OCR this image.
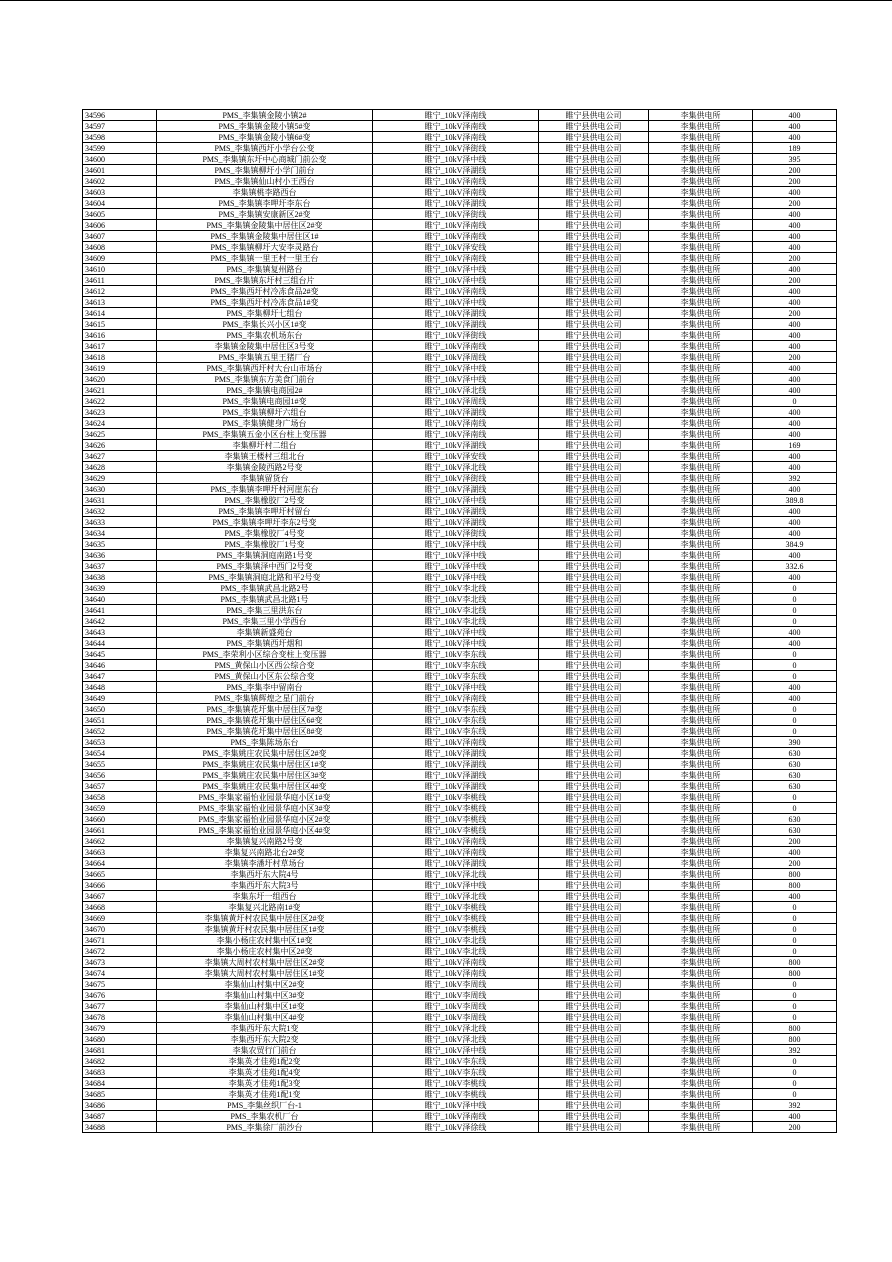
34596	PMS_李集镇金陵小镇2#	睢宁_10kV泽南线	睢宁县供电公司	李集供电所	400
34597	PMS_李集镇金陵小镇5#变	睢宁_10kV泽南线	睢宁县供电公司	李集供电所	400
34598	PMS_李集镇金陵小镇6#变	睢宁_10kV泽南线	睢宁县供电公司	李集供电所	400
34599	PMS_李集镇西圩小学台公变	睢宁_10kV泽街线	睢宁县供电公司	李集供电所	189
34600	PMS_李集镇东圩中心商城门前公变	睢宁_10kV泽中线	睢宁县供电公司	李集供电所	395
34601	PMS_李集镇柳圩小学门前台	睢宁_10kV泽湖线	睢宁县供电公司	李集供电所	200
34602	PMS_李集镇仙山村小王西台	睢宁_10kV泽南线	睢宁县供电公司	李集供电所	200
34603	李集镇桃李路西台	睢宁_10kV泽南线	睢宁县供电公司	李集供电所	400
34604	PMS_李集镇李呷圩李东台	睢宁_10kV泽湖线	睢宁县供电公司	李集供电所	200
34605	PMS_李集镇安康新区2#变	睢宁_10kV泽街线	睢宁县供电公司	李集供电所	400
34606	PMS_李集镇金陵集中居住区2#变	睢宁_10kV泽南线	睢宁县供电公司	李集供电所	400
34607	PMS_李集镇金陵集中居住区1#	睢宁_10kV泽南线	睢宁县供电公司	李集供电所	400
34608	PMS_李集镇柳圩大安李灵路台	睢宁_10kV泽安线	睢宁县供电公司	李集供电所	400
34609	PMS_李集镇一里王村一里王台	睢宁_10kV泽南线	睢宁县供电公司	李集供电所	200
34610	PMS_李集镇复州路台	睢宁_10kV泽中线	睢宁县供电公司	李集供电所	400
34611	PMS_李集镇东圩村三组台片	睢宁_10kV泽中线	睢宁县供电公司	李集供电所	200
34612	PMS_李集西圩村冷冻食品2#变	睢宁_10kV泽南线	睢宁县供电公司	李集供电所	400
34613	PMS_李集西圩村冷冻食品1#变	睢宁_10kV泽中线	睢宁县供电公司	李集供电所	400
34614	PMS_李集柳圩七组台	睢宁_10kV泽湖线	睢宁县供电公司	李集供电所	200
34615	PMS_李集长兴小区1#变	睢宁_10kV泽湖线	睢宁县供电公司	李集供电所	400
34616	PMS_李集农机场东台	睢宁_10kV泽街线	睢宁县供电公司	李集供电所	400
34617	李集镇金陵集中居住区3号变	睢宁_10kV泽南线	睢宁县供电公司	李集供电所	400
34618	PMS_李集镇五里王猪厂台	睢宁_10kV泽周线	睢宁县供电公司	李集供电所	200
34619	PMS_李集镇西圩村大台山市场台	睢宁_10kV泽中线	睢宁县供电公司	李集供电所	400
34620	PMS_李集镇东方美食门前台	睢宁_10kV泽中线	睢宁县供电公司	李集供电所	400
34621	PMS_李集镇电商园2#	睢宁_10kV泽北线	睢宁县供电公司	李集供电所	400
34622	PMS_李集镇电商园1#变	睢宁_10kV泽周线	睢宁县供电公司	李集供电所	0
34623	PMS_李集镇柳圩六组台	睢宁_10kV泽湖线	睢宁县供电公司	李集供电所	400
34624	PMS_李集镇健身广场台	睢宁_10kV泽南线	睢宁县供电公司	李集供电所	400
34625	PMS_李集镇五金小区台柱上变压器	睢宁_10kV泽南线	睢宁县供电公司	李集供电所	400
34626	李集柳圩村二组台	睢宁_10kV泽湖线	睢宁县供电公司	李集供电所	169
34627	李集镇王楼村三组北台	睢宁_10kV泽安线	睢宁县供电公司	李集供电所	400
34628	李集镇金陵西路2号变	睢宁_10kV泽北线	睢宁县供电公司	李集供电所	400
34629	李集镇留货台	睢宁_10kV泽街线	睢宁县供电公司	李集供电所	392
34630	PMS_李集镇李呷圩村河崖东台	睢宁_10kV泽湖线	睢宁县供电公司	李集供电所	400
34631	PMS_李集橡胶厂2号变	睢宁_10kV泽中线	睢宁县供电公司	李集供电所	389.8
34632	PMS_李集镇李呷圩村留台	睢宁_10kV泽湖线	睢宁县供电公司	李集供电所	400
34633	PMS_李集镇李呷圩李东2号变	睢宁_10kV泽湖线	睢宁县供电公司	李集供电所	400
34634	PMS_李集橡胶厂4号变	睢宁_10kV泽街线	睢宁县供电公司	李集供电所	400
34635	PMS_李集橡胶厂1号变	睢宁_10kV泽中线	睢宁县供电公司	李集供电所	384.9
34636	PMS_李集镇洞庭南路1号变	睢宁_10kV泽中线	睢宁县供电公司	李集供电所	400
34637	PMS_李集镇泽中西门2号变	睢宁_10kV泽中线	睢宁县供电公司	李集供电所	332.6
34638	PMS_李集镇洞庭北路和平2号变	睢宁_10kV泽中线	睢宁县供电公司	李集供电所	400
34639	PMS_李集镇武昌北路2号	睢宁_10kV李北线	睢宁县供电公司	李集供电所	0
34640	PMS_李集镇武昌北路1号	睢宁_10kV李北线	睢宁县供电公司	李集供电所	0
34641	PMS_李集三里洪东台	睢宁_10kV李北线	睢宁县供电公司	李集供电所	0
34642	PMS_李集三里小学西台	睢宁_10kV李北线	睢宁县供电公司	李集供电所	0
34643	李集镇新盛苑台	睢宁_10kV泽中线	睢宁县供电公司	李集供电所	400
34644	PMS_李集镇西圩烟和	睢宁_10kV泽中线	睢宁县供电公司	李集供电所	400
34645	PMS_李荣利小区综合变柱上变压器	睢宁_10kV李东线	睢宁县供电公司	李集供电所	0
34646	PMS_黄保山小区西公综合变	睢宁_10kV李东线	睢宁县供电公司	李集供电所	0
34647	PMS_黄保山小区东公综合变	睢宁_10kV李东线	睢宁县供电公司	李集供电所	0
34648	PMS_李集李中留南台	睢宁_10kV泽中线	睢宁县供电公司	李集供电所	400
34649	PMS_李集镇辉煌之星门前台	睢宁_10kV泽南线	睢宁县供电公司	李集供电所	400
34650	PMS_李集镇花圩集中居住区7#变	睢宁_10kV李东线	睢宁县供电公司	李集供电所	0
34651	PMS_李集镇花圩集中居住区6#变	睢宁_10kV李东线	睢宁县供电公司	李集供电所	0
34652	PMS_李集镇花圩集中居住区8#变	睢宁_10kV李东线	睢宁县供电公司	李集供电所	0
34653	PMS_李集陈场东台	睢宁_10kV泽南线	睢宁县供电公司	李集供电所	390
34654	PMS_李集姚庄农民集中居住区2#变	睢宁_10kV泽湖线	睢宁县供电公司	李集供电所	630
34655	PMS_李集姚庄农民集中居住区1#变	睢宁_10kV泽湖线	睢宁县供电公司	李集供电所	630
34656	PMS_李集姚庄农民集中居住区3#变	睢宁_10kV泽湖线	睢宁县供电公司	李集供电所	630
34657	PMS_李集姚庄农民集中居住区4#变	睢宁_10kV泽湖线	睢宁县供电公司	李集供电所	630
34658	PMS_李集家福怡业园景华庭小区1#变	睢宁_10kV李桃线	睢宁县供电公司	李集供电所	0
34659	PMS_李集家福怡业园景华庭小区3#变	睢宁_10kV李桃线	睢宁县供电公司	李集供电所	0
34660	PMS_李集家福怡业园景华庭小区2#变	睢宁_10kV李桃线	睢宁县供电公司	李集供电所	630
34661	PMS_李集家福怡业园景华庭小区4#变	睢宁_10kV李桃线	睢宁县供电公司	李集供电所	630
34662	李集镇复兴南路2号变	睢宁_10kV泽南线	睢宁县供电公司	李集供电所	200
34663	李集复兴南路北台2#变	睢宁_10kV泽南线	睢宁县供电公司	李集供电所	400
34664	李集镇李潘圩村草场台	睢宁_10kV泽湖线	睢宁县供电公司	李集供电所	200
34665	李集西圩东大院4号	睢宁_10kV泽北线	睢宁县供电公司	李集供电所	800
34666	李集西圩东大院3号	睢宁_10kV泽中线	睢宁县供电公司	李集供电所	800
34667	李集东圩一组西台	睢宁_10kV泽北线	睢宁县供电公司	李集供电所	400
34668	李集复兴北路南1#变	睢宁_10kV李桃线	睢宁县供电公司	李集供电所	0
34669	李集镇黄圩村农民集中居住区2#变	睢宁_10kV李桃线	睢宁县供电公司	李集供电所	0
34670	李集镇黄圩村农民集中居住区1#变	睢宁_10kV李桃线	睢宁县供电公司	李集供电所	0
34671	李集小杨庄农村集中区1#变	睢宁_10kV李北线	睢宁县供电公司	李集供电所	0
34672	李集小杨庄农村集中区2#变	睢宁_10kV李北线	睢宁县供电公司	李集供电所	0
34673	李集镇大周村农村集中居住区2#变	睢宁_10kV泽南线	睢宁县供电公司	李集供电所	800
34674	李集镇大周村农村集中居住区1#变	睢宁_10kV泽南线	睢宁县供电公司	李集供电所	800
34675	李集仙山村集中区2#变	睢宁_10kV李周线	睢宁县供电公司	李集供电所	0
34676	李集仙山村集中区3#变	睢宁_10kV李周线	睢宁县供电公司	李集供电所	0
34677	李集仙山村集中区1#变	睢宁_10kV李周线	睢宁县供电公司	李集供电所	0
34678	李集仙山村集中区4#变	睢宁_10kV李周线	睢宁县供电公司	李集供电所	0
34679	李集西圩东大院1变	睢宁_10kV泽北线	睢宁县供电公司	李集供电所	800
34680	李集西圩东大院2变	睢宁_10kV泽北线	睢宁县供电公司	李集供电所	800
34681	李集农贸行门前台	睢宁_10kV泽中线	睢宁县供电公司	李集供电所	392
34682	李集英才佳苑1配2变	睢宁_10kV李东线	睢宁县供电公司	李集供电所	0
34683	李集英才佳苑1配4变	睢宁_10kV李东线	睢宁县供电公司	李集供电所	0
34684	李集英才佳苑1配3变	睢宁_10kV李桃线	睢宁县供电公司	李集供电所	0
34685	李集英才佳苑1配1变	睢宁_10kV李桃线	睢宁县供电公司	李集供电所	0
34686	PMS_李集丝织厂台-1	睢宁_10kV泽中线	睢宁县供电公司	李集供电所	392
34687	PMS_李集农机厂台	睢宁_10kV泽南线	睢宁县供电公司	李集供电所	400
34688	PMS_李集徐厂前沙台	睢宁_10kV泽徐线	睢宁县供电公司	李集供电所	200
